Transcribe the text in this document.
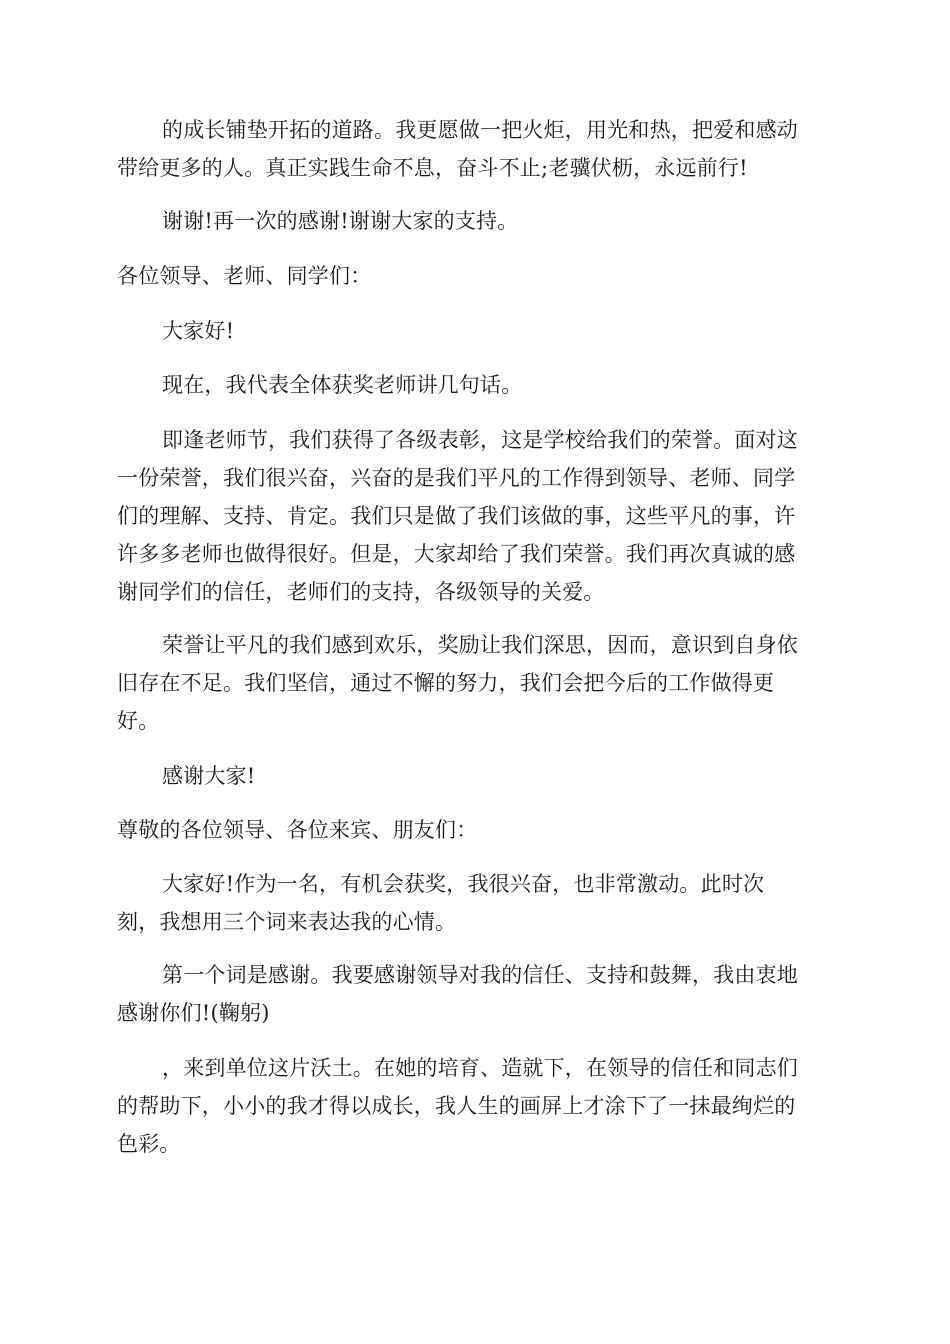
的成长铺垫开拓的道路。我更愿做一把火炬，用光和热，把爱和感动
带给更多的人。真正实践生命不息，奋斗不止;老骥伏枥，永远前行!
谢谢!再一次的感谢!谢谢大家的支持。
各位领导、老师、同学们：
大家好!
现在，我代表全体获奖老师讲几句话。
即逢老师节，我们获得了各级表彰，这是学校给我们的荣誉。面对这
一份荣誉，我们很兴奋，兴奋的是我们平凡的工作得到领导、老师、同学
们的理解、支持、肯定。我们只是做了我们该做的事，这些平凡的事，许
许多多老师也做得很好。但是，大家却给了我们荣誉。我们再次真诚的感
谢同学们的信任，老师们的支持，各级领导的关爱。
荣誉让平凡的我们感到欢乐，奖励让我们深思，因而，意识到自身依
旧存在不足。我们坚信，通过不懈的努力，我们会把今后的工作做得更
好。
感谢大家!
尊敬的各位领导、各位来宾、朋友们：
大家好!作为一名，有机会获奖，我很兴奋，也非常激动。此时次
刻，我想用三个词来表达我的心情。
第一个词是感谢。我要感谢领导对我的信任、支持和鼓舞，我由衷地
感谢你们!(鞠躬)
，来到单位这片沃土。在她的培育、造就下，在领导的信任和同志们
的帮助下，小小的我才得以成长，我人生的画屏上才涂下了一抹最绚烂的
色彩。
